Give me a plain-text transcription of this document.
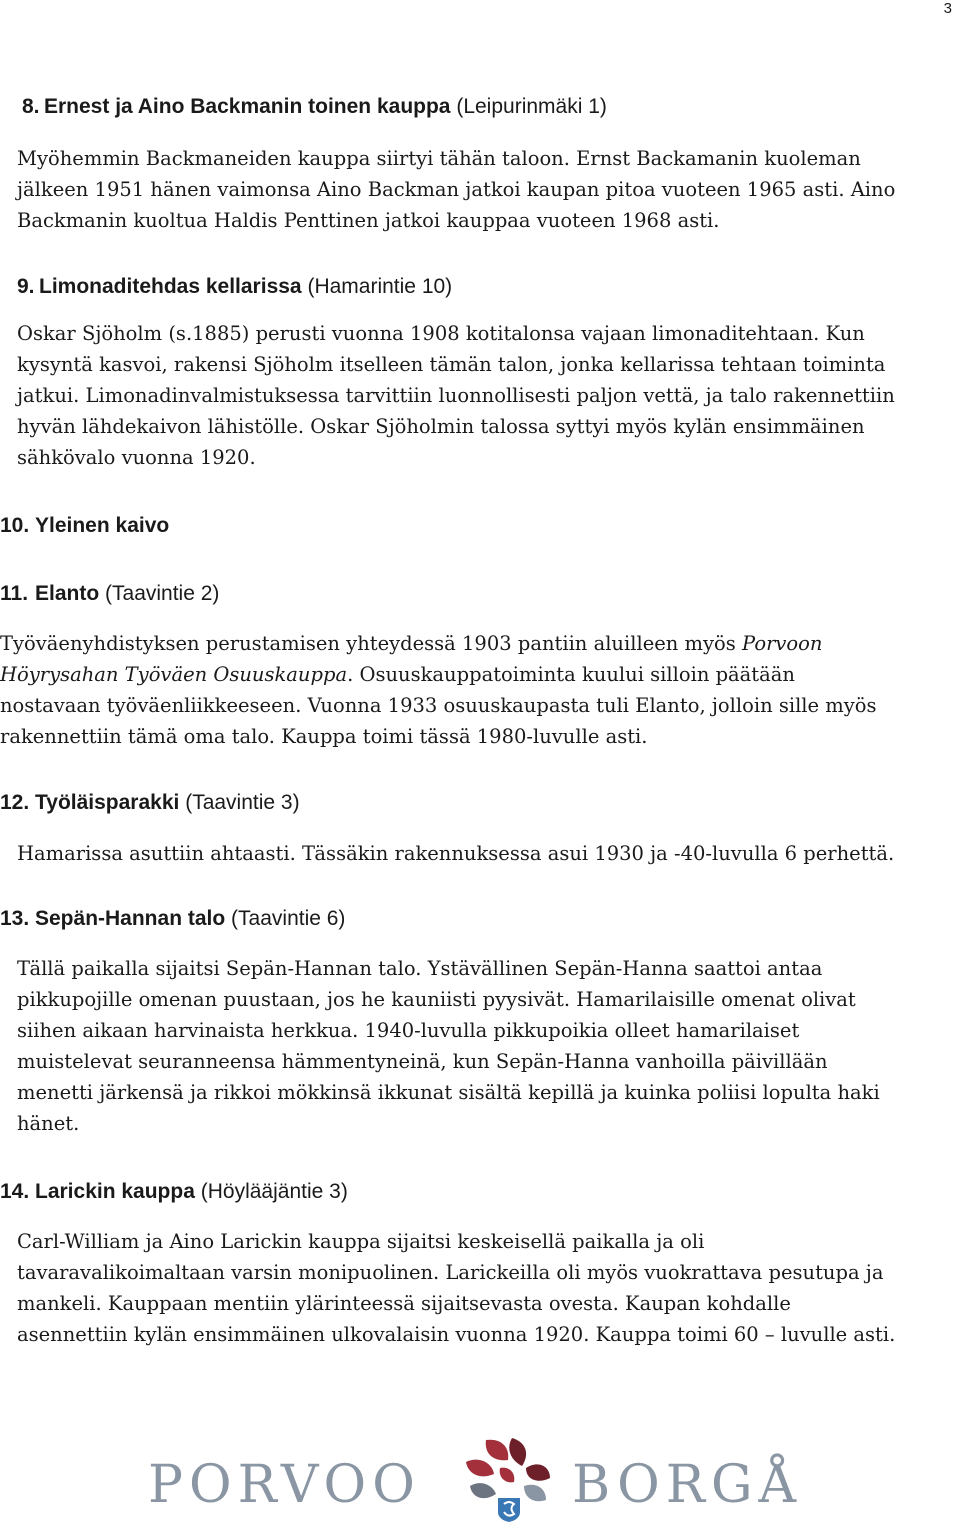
3
8. Ernest ja Aino Backmanin toinen kauppa (Leipurinmäki 1)
Myöhemmin Backmaneiden kauppa siirtyi tähän taloon. Ernst Backamanin kuoleman
jälkeen 1951 hänen vaimonsa Aino Backman jatkoi kaupan pitoa vuoteen 1965 asti. Aino
Backmanin kuoltua Haldis Penttinen jatkoi kauppaa vuoteen 1968 asti.
9. Limonaditehdas kellarissa (Hamarintie 10)
Oskar Sjöholm (s.1885) perusti vuonna 1908 kotitalonsa vajaan limonaditehtaan. Kun
kysyntä kasvoi, rakensi Sjöholm itselleen tämän talon, jonka kellarissa tehtaan toiminta
jatkui. Limonadinvalmistuksessa tarvittiin luonnollisesti paljon vettä, ja talo rakennettiin
hyvän lähdekaivon lähistölle. Oskar Sjöholmin talossa syttyi myös kylän ensimmäinen
sähkövalo vuonna 1920.
10. Yleinen kaivo
11. Elanto (Taavintie 2)
Työväenyhdistyksen perustamisen yhteydessä 1903 pantiin aluilleen myös Porvoon
Höyrysahan Työväen Osuuskauppa. Osuuskauppatoiminta kuului silloin päätään
nostavaan työväenliikkeeseen. Vuonna 1933 osuuskaupasta tuli Elanto, jolloin sille myös
rakennettiin tämä oma talo. Kauppa toimi tässä 1980-luvulle asti.
12. Työläisparakki (Taavintie 3)
Hamarissa asuttiin ahtaasti. Tässäkin rakennuksessa asui 1930 ja -40-luvulla 6 perhettä.
13. Sepän-Hannan talo (Taavintie 6)
Tällä paikalla sijaitsi Sepän-Hannan talo. Ystävällinen Sepän-Hanna saattoi antaa
pikkupojille omenan puustaan, jos he kauniisti pyysivät. Hamarilaisille omenat olivat
siihen aikaan harvinaista herkkua. 1940-luvulla pikkupoikia olleet hamarilaiset
muistelevat seuranneensa hämmentyneinä, kun Sepän-Hanna vanhoilla päivillään
menetti järkensä ja rikkoi mökkinsä ikkunat sisältä kepillä ja kuinka poliisi lopulta haki
hänet.
14. Larickin kauppa (Höylääjäntie 3)
Carl-William ja Aino Larickin kauppa sijaitsi keskeisellä paikalla ja oli
tavaravalikoimaltaan varsin monipuolinen. Larickeilla oli myös vuokrattava pesutupa ja
mankeli. Kauppaan mentiin ylärinteessä sijaitsevasta ovesta. Kaupan kohdalle
asennettiin kylän ensimmäinen ulkovalaisin vuonna 1920. Kauppa toimi 60 – luvulle asti.
PORVOO	BORGÅ
